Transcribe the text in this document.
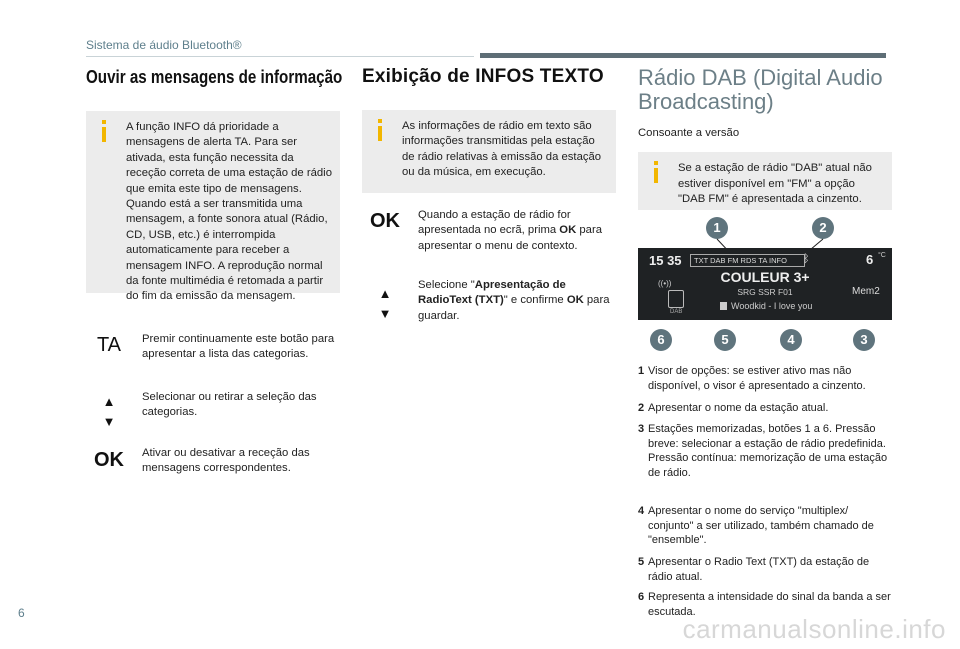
Sistema de áudio Bluetooth®
Ouvir as mensagens de informação
A função INFO dá prioridade a mensagens de alerta TA. Para ser ativada, esta função necessita da receção correta de uma estação de rádio que emita este tipo de mensagens. Quando está a ser transmitida uma mensagem, a fonte sonora atual (Rádio, CD, USB, etc.) é interrompida automaticamente para receber a mensagem INFO. A reprodução normal da fonte multimédia é retomada a partir do fim da emissão da mensagem.
TA	Premir continuamente este botão para apresentar a lista das categorias.
▲
▼
Selecionar ou retirar a seleção das categorias.
OK	Ativar ou desativar a receção das mensagens correspondentes.
Exibição de INFOS TEXTO
As informações de rádio em texto são informações transmitidas pela estação de rádio relativas à emissão da estação ou da música, em execução.
OK	Quando a estação de rádio for apresentada no ecrã, prima OK para apresentar o menu de contexto.
▲
▼
Selecione "Apresentação de RadioText (TXT)" e confirme OK para guardar.
Rádio DAB (Digital Audio Broadcasting)

Consoante a versão

Se a estação de rádio "DAB" atual não estiver disponível em "FM" a opção "DAB FM" é apresentada a cinzento.
1	2
15 35	TXT DAB FM RDS TA INFO	ᛒ	6 °C
COULEUR 3+
SRG SSR F01
Woodkid - I love you
((•))
DAB
Mem2
6	5	4	3
1 Visor de opções: se estiver ativo mas não disponível, o visor é apresentado a cinzento.
2 Apresentar o nome da estação atual.
3 Estações memorizadas, botões 1 a 6. Pressão breve: selecionar a estação de rádio predefinida. Pressão contínua: memorização de uma estação de rádio.
4 Apresentar o nome do serviço "multiplex/ conjunto" a ser utilizado, também chamado de "ensemble".
5 Apresentar o Radio Text (TXT) da estação de rádio atual.
6 Representa a intensidade do sinal da banda a ser escutada.
6
carmanualsonline.info
